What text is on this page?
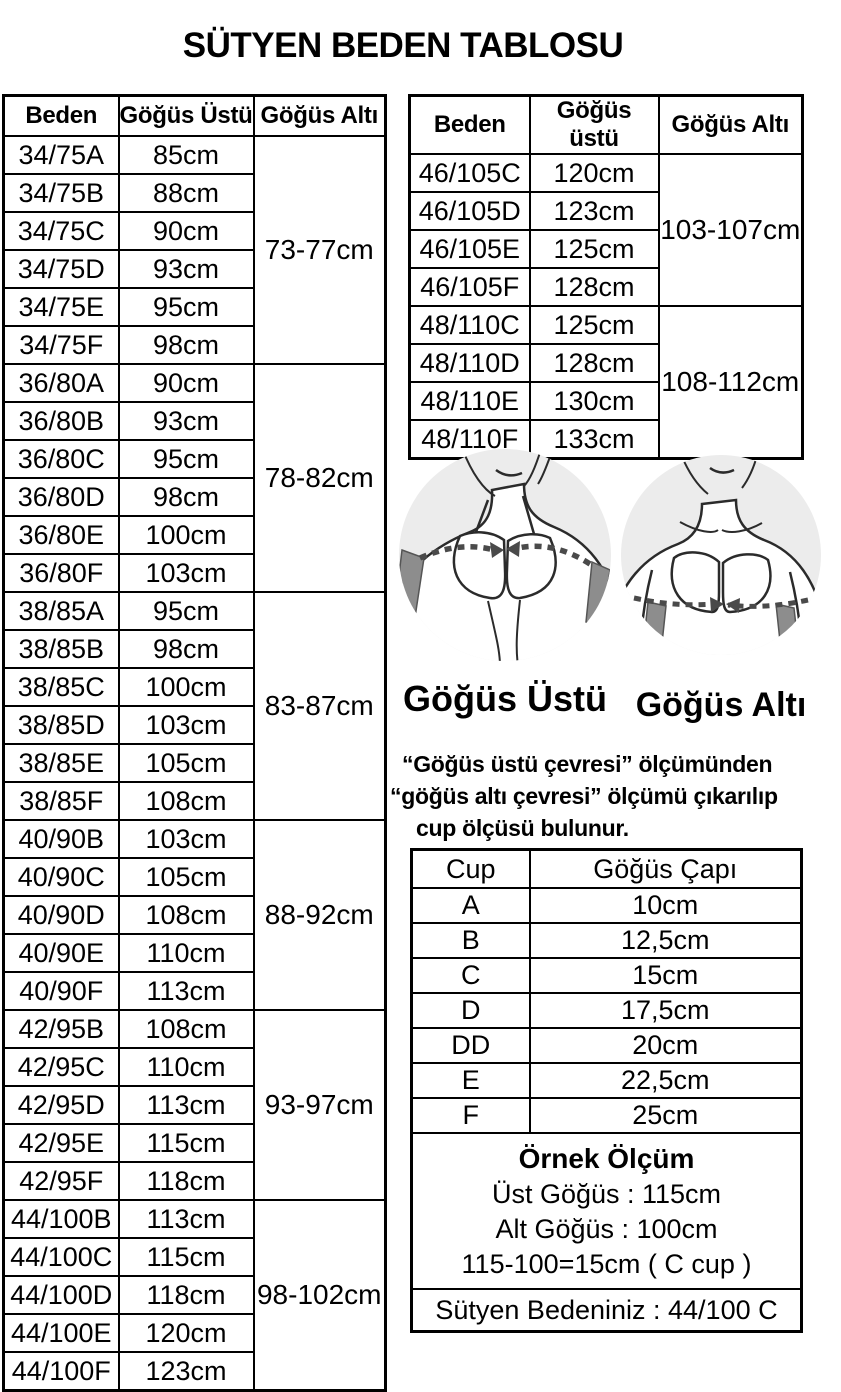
SÜTYEN BEDEN TABLOSU
Beden	Göğüs Üstü	Göğüs Altı
34/75A	85cm	73-77cm
34/75B	88cm	
34/75C	90cm	
34/75D	93cm	
34/75E	95cm	
34/75F	98cm	
36/80A	90cm	78-82cm
36/80B	93cm	
36/80C	95cm	
36/80D	98cm	
36/80E	100cm	
36/80F	103cm	
38/85A	95cm	83-87cm
38/85B	98cm	
38/85C	100cm	
38/85D	103cm	
38/85E	105cm	
38/85F	108cm	
40/90B	103cm	88-92cm
40/90C	105cm	
40/90D	108cm	
40/90E	110cm	
40/90F	113cm	
42/95B	108cm	93-97cm
42/95C	110cm	
42/95D	113cm	
42/95E	115cm	
42/95F	118cm	
44/100B	113cm	98-102cm
44/100C	115cm	
44/100D	118cm	
44/100E	120cm	
44/100F	123cm	
Beden	Göğüs üstü	Göğüs Altı
46/105C	120cm	103-107cm
46/105D	123cm	
46/105E	125cm	
46/105F	128cm	
48/110C	125cm	108-112cm
48/110D	128cm	
48/110E	130cm	
48/110F	133cm	

Göğüs Üstü Göğüs Altı

“Göğüs üstü çevresi” ölçümünden

“göğüs altı çevresi” ölçümü çıkarılıp

cup ölçüsü bulunur.

Cup	Göğüs Çapı
A	10cm
B	12,5cm
C	15cm
D	17,5cm
DD	20cm
E	22,5cm
F	25cm

Örnek Ölçüm
Üst Göğüs : 115cm
Alt Göğüs : 100cm
115-100=15cm ( C cup )	

Sütyen Bedeniniz : 44/100 C	
